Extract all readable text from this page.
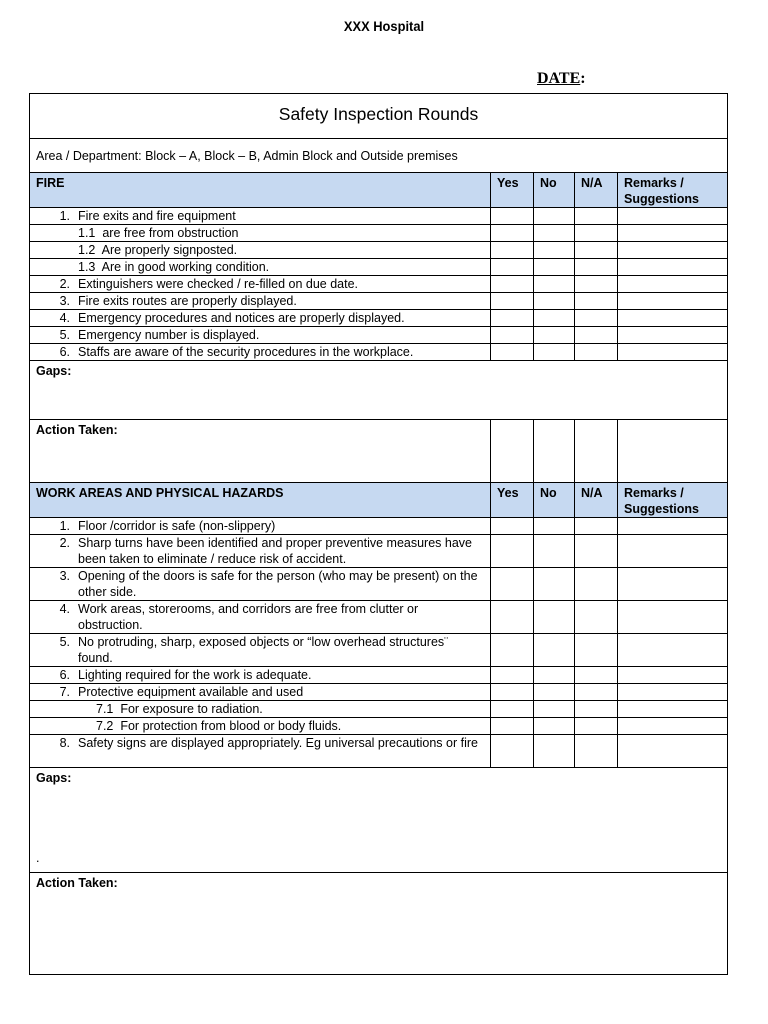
XXX Hospital
DATE:
Safety Inspection Rounds				
Area / Department: Block – A, Block – B, Admin Block and Outside premises				
FIRE	Yes	No	N/A	Remarks /
Suggestions
1. Fire exits and fire equipment				
1.1 are free from obstruction				
1.2 Are properly signposted.				
1.3 Are in good working condition.				
2. Extinguishers were checked / re-filled on due date.				
3. Fire exits routes are properly displayed.				
4. Emergency procedures and notices are properly displayed.				
5. Emergency number is displayed.				
6. Staffs are aware of the security procedures in the workplace.				
Gaps:				
Action Taken:				
WORK AREAS AND PHYSICAL HAZARDS	Yes	No	N/A	Remarks /
Suggestions
1. Floor /corridor is safe (non-slippery)				
2. Sharp turns have been identified and proper preventive measures have been taken to eliminate / reduce risk of accident.				
3. Opening of the doors is safe for the person (who may be present) on the other side.				
4. Work areas, storerooms, and corridors are free from clutter or obstruction.				
5. No protruding, sharp, exposed objects or “low overhead structures¨ found.				
6. Lighting required for the work is adequate.				
7. Protective equipment available and used				
7.1 For exposure to radiation.				
7.2 For protection from blood or body fluids.				
8. Safety signs are displayed appropriately. Eg universal precautions or fire				
Gaps:
.				

Action Taken:				
